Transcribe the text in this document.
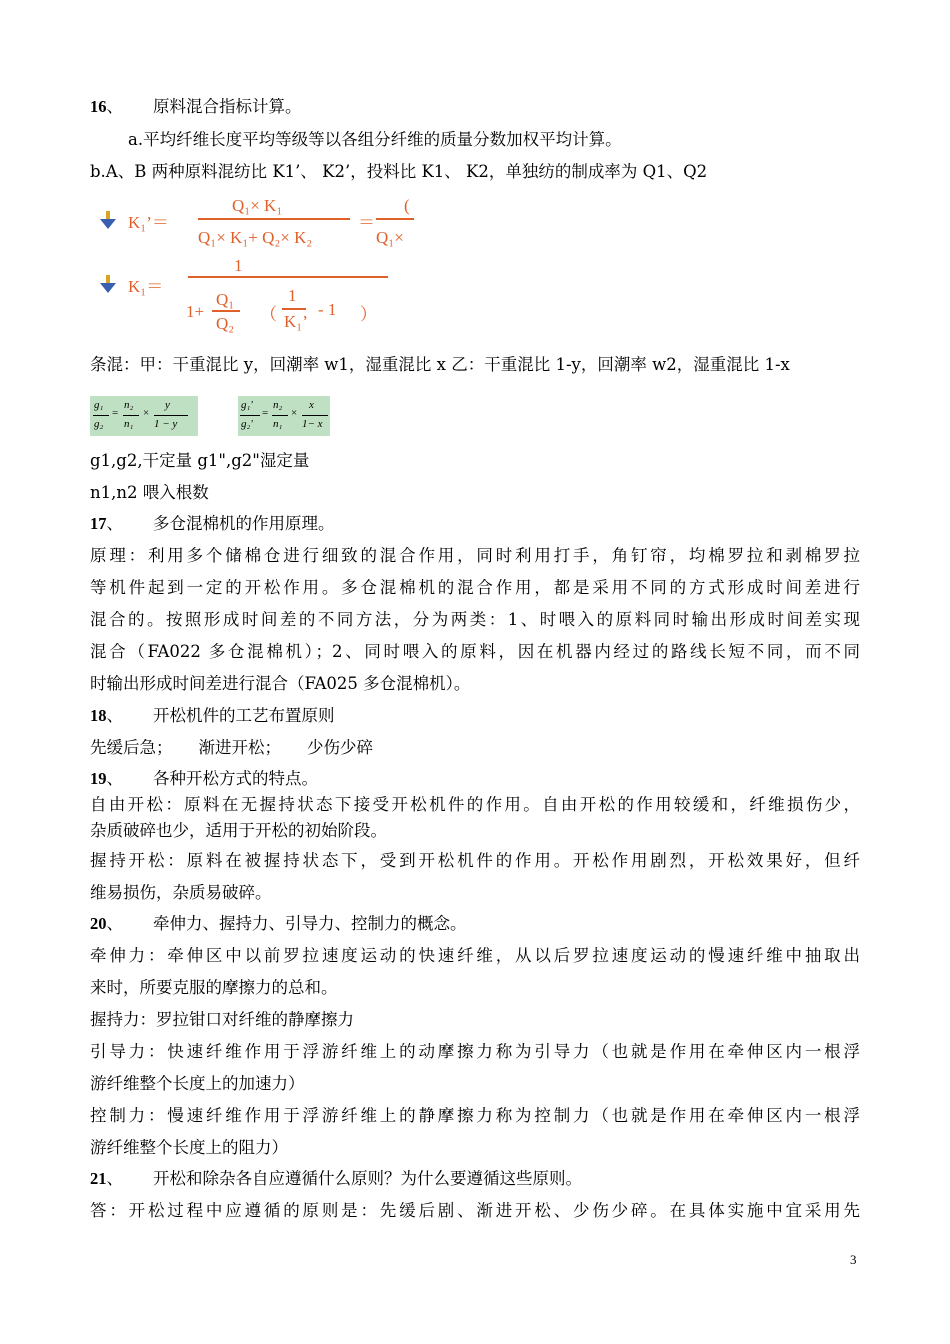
16、 原料混合指标计算。
a.平均纤维长度平均等级等以各组分纤维的质量分数加权平均计算。
b.A、B 两种原料混纺比 K1’、 K2’，投料比 K1、 K2，单独纺的制成率为 Q1、Q2
K₁’＝
Q₁× K₁
Q₁× K₁+ Q₂× K₂
＝
(
Q₁×
K₁＝
1
1+
Q₁
Q₂ （
1
K₁’
- 1 ）
条混：甲：干重混比 y，回潮率 w1，湿重混比 x 乙：干重混比 1-y，回潮率 w2，湿重混比 1-x
g₁
g₂
=
n₂
n₁
×
y
1 − y
g₁'
g₂'
=
n₂
n₁
×
x
1− x
g1,g2,干定量 g1",g2"湿定量
n1,n2 喂入根数
17、 多仓混棉机的作用原理。
原理：利用多个储棉仓进行细致的混合作用，同时利用打手，角钉帘，均棉罗拉和剥棉罗拉
等机件起到一定的开松作用。多仓混棉机的混合作用，都是采用不同的方式形成时间差进行
混合的。按照形成时间差的不同方法，分为两类：1、时喂入的原料同时输出形成时间差实现
混合（FA022 多仓混棉机）；2、同时喂入的原料，因在机器内经过的路线长短不同，而不同
时输出形成时间差进行混合（FA025 多仓混棉机）。
18、 开松机件的工艺布置原则
先缓后急； 渐进开松； 少伤少碎
19、 各种开松方式的特点。
自由开松：原料在无握持状态下接受开松机件的作用。自由开松的作用较缓和，纤维损伤少，
杂质破碎也少，适用于开松的初始阶段。
握持开松：原料在被握持状态下，受到开松机件的作用。开松作用剧烈，开松效果好，但纤
维易损伤，杂质易破碎。
20、 牵伸力、握持力、引导力、控制力的概念。
牵伸力：牵伸区中以前罗拉速度运动的快速纤维，从以后罗拉速度运动的慢速纤维中抽取出
来时，所要克服的摩擦力的总和。
握持力：罗拉钳口对纤维的静摩擦力
引导力：快速纤维作用于浮游纤维上的动摩擦力称为引导力（也就是作用在牵伸区内一根浮
游纤维整个长度上的加速力）
控制力：慢速纤维作用于浮游纤维上的静摩擦力称为控制力（也就是作用在牵伸区内一根浮
游纤维整个长度上的阻力）
21、 开松和除杂各自应遵循什么原则？为什么要遵循这些原则。
答：开松过程中应遵循的原则是：先缓后剧、渐进开松、少伤少碎。在具体实施中宜采用先
3
